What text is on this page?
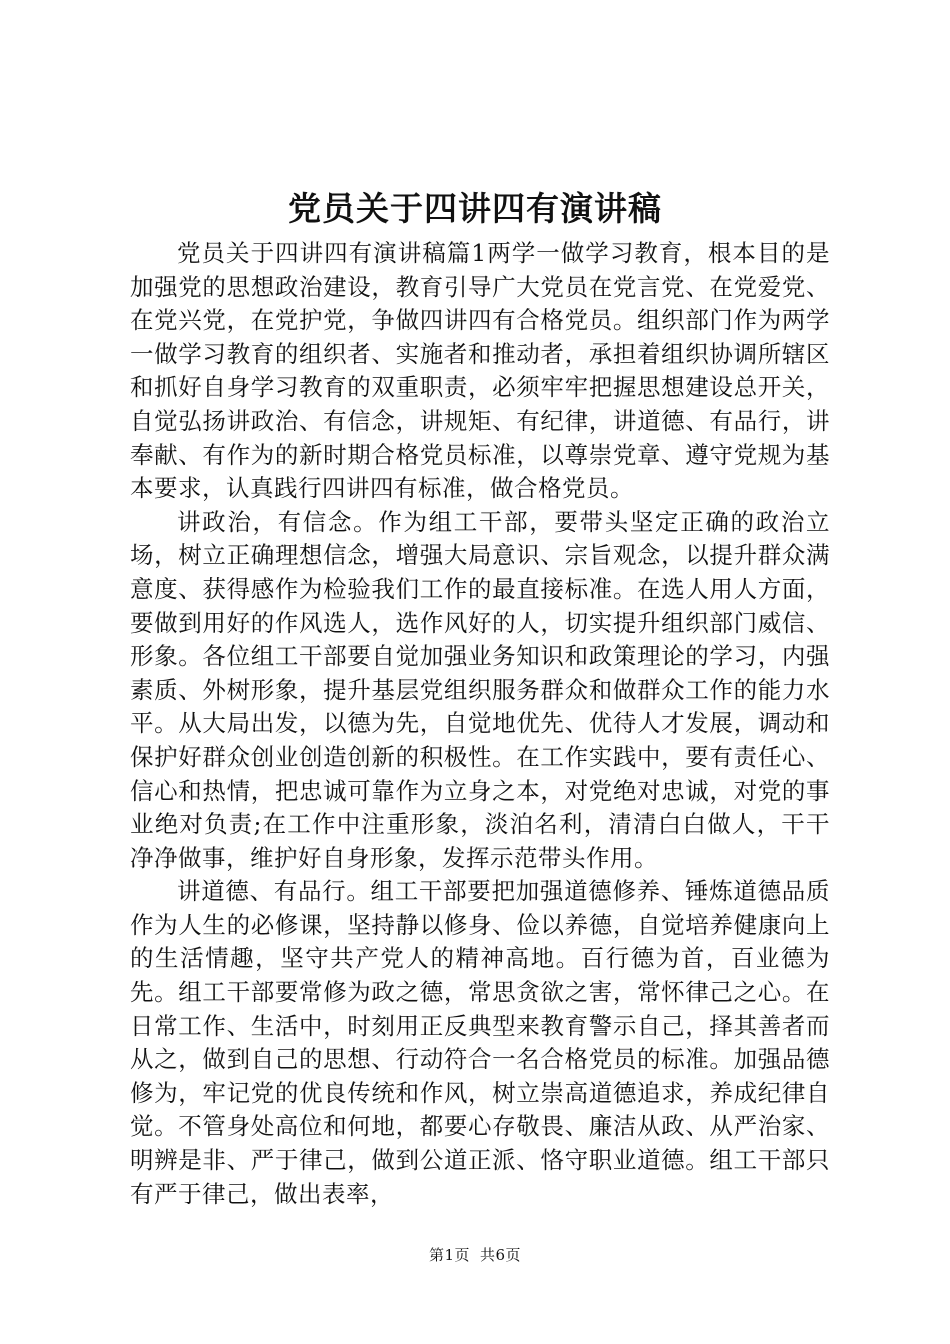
党员关于四讲四有演讲稿

党员关于四讲四有演讲稿篇1两学一做学习教育，根本目的是加强党的思想政治建设，教育引导广大党员在党言党、在党爱党、在党兴党，在党护党，争做四讲四有合格党员。组织部门作为两学一做学习教育的组织者、实施者和推动者，承担着组织协调所辖区和抓好自身学习教育的双重职责，必须牢牢把握思想建设总开关，自觉弘扬讲政治、有信念，讲规矩、有纪律，讲道德、有品行，讲奉献、有作为的新时期合格党员标准，以尊崇党章、遵守党规为基本要求，认真践行四讲四有标准，做合格党员。

讲政治，有信念。作为组工干部，要带头坚定正确的政治立场，树立正确理想信念，增强大局意识、宗旨观念，以提升群众满意度、获得感作为检验我们工作的最直接标准。在选人用人方面，要做到用好的作风选人，选作风好的人，切实提升组织部门威信、形象。各位组工干部要自觉加强业务知识和政策理论的学习，内强素质、外树形象，提升基层党组织服务群众和做群众工作的能力水平。从大局出发，以德为先，自觉地优先、优待人才发展，调动和保护好群众创业创造创新的积极性。在工作实践中，要有责任心、信心和热情，把忠诚可靠作为立身之本，对党绝对忠诚，对党的事业绝对负责;在工作中注重形象，淡泊名利，清清白白做人，干干净净做事，维护好自身形象，发挥示范带头作用。

讲道德、有品行。组工干部要把加强道德修养、锤炼道德品质作为人生的必修课，坚持静以修身、俭以养德，自觉培养健康向上的生活情趣，坚守共产党人的精神高地。百行德为首，百业德为先。组工干部要常修为政之德，常思贪欲之害，常怀律己之心。在日常工作、生活中，时刻用正反典型来教育警示自己，择其善者而从之，做到自己的思想、行动符合一名合格党员的标准。加强品德修为，牢记党的优良传统和作风，树立崇高道德追求，养成纪律自觉。不管身处高位和何地，都要心存敬畏、廉洁从政、从严治家、明辨是非、严于律己，做到公道正派、恪守职业道德。组工干部只有严于律己，做出表率，

第1页 共6页
